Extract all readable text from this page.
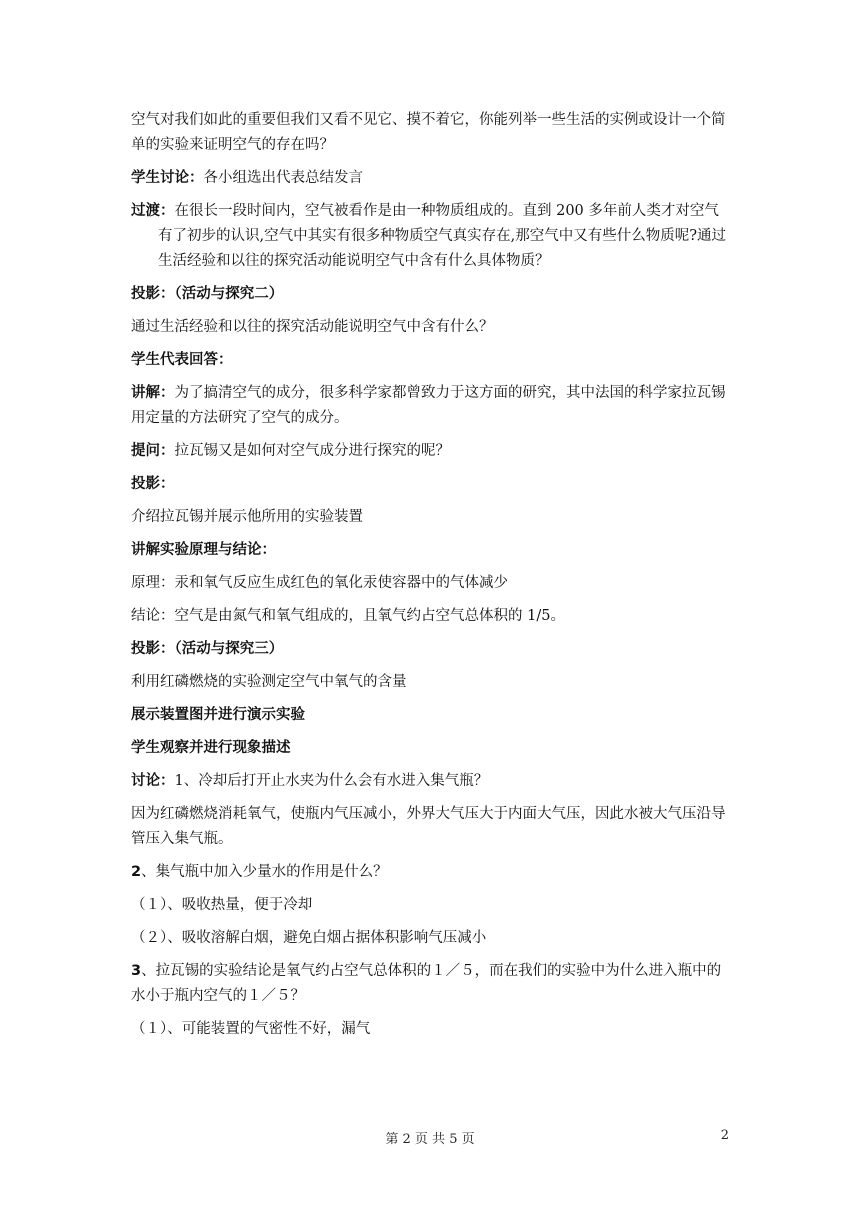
空气对我们如此的重要但我们又看不见它、摸不着它，你能列举一些生活的实例或设计一个简单的实验来证明空气的存在吗？
学生讨论：各小组选出代表总结发言
过渡：在很长一段时间内，空气被看作是由一种物质组成的。直到 200 多年前人类才对空气有了初步的认识,空气中其实有很多种物质空气真实存在,那空气中又有些什么物质呢?通过生活经验和以往的探究活动能说明空气中含有什么具体物质？
投影：（活动与探究二）
通过生活经验和以往的探究活动能说明空气中含有什么？
学生代表回答：
讲解：为了搞清空气的成分，很多科学家都曾致力于这方面的研究，其中法国的科学家拉瓦锡用定量的方法研究了空气的成分。
提问：拉瓦锡又是如何对空气成分进行探究的呢？
投影：
介绍拉瓦锡并展示他所用的实验装置
讲解实验原理与结论：
原理：汞和氧气反应生成红色的氧化汞使容器中的气体减少
结论：空气是由氮气和氧气组成的，且氧气约占空气总体积的 1/5。
投影：（活动与探究三）
利用红磷燃烧的实验测定空气中氧气的含量
展示装置图并进行演示实验
学生观察并进行现象描述
讨论：1、冷却后打开止水夹为什么会有水进入集气瓶？
因为红磷燃烧消耗氧气，使瓶内气压减小，外界大气压大于内面大气压，因此水被大气压沿导管压入集气瓶。
2、集气瓶中加入少量水的作用是什么？
（１）、吸收热量，便于冷却
（２）、吸收溶解白烟，避免白烟占据体积影响气压减小
3、拉瓦锡的实验结论是氧气约占空气总体积的１／５，而在我们的实验中为什么进入瓶中的水小于瓶内空气的１／５？
（１）、可能装置的气密性不好，漏气
第 2 页 共 5 页	2
